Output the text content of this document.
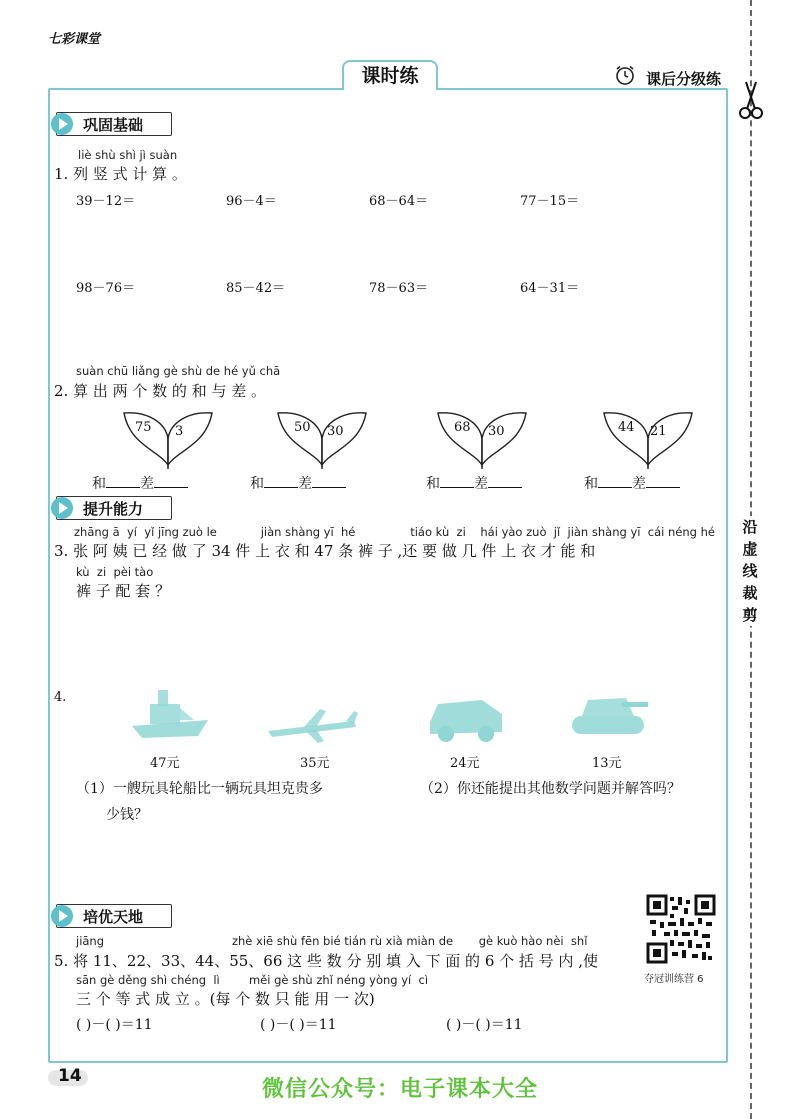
七彩课堂
课时练	课后分级练
沿
虚
线
裁
剪
巩固基础
liè shù shì jì suàn
1. 列 竖 式 计 算 。
39－12＝	96－4＝	68－64＝	77－15＝
98－76＝	85－42＝	78－63＝	64－31＝
suàn chū liǎng gè shù de hé yǔ chā
2. 算 出 两 个 数 的 和 与 差 。
75 3	50 30	68 30	44 21
和 差	和 差	和 差	和 差
提升能力
zhāng ā  yí  yǐ jīng zuò le            jiàn shàng yī  hé               tiáo kù  zi    hái yào zuò  jǐ  jiàn shàng yī  cái néng hé
3. 张 阿 姨 已 经 做 了 34 件 上 衣 和 47 条 裤 子 ,还 要 做 几 件 上 衣 才 能 和
kù  zi  pèi tào
裤 子 配 套 ？
4.
47元	35元	24元	13元
（1）一艘玩具轮船比一辆玩具坦克贵多
少钱？
（2）你还能提出其他数学问题并解答吗？
培优天地
夺冠训练营 6
jiāng                                   zhè xiē shù fēn bié tián rù xià miàn de       gè kuò hào nèi  shǐ
5. 将 11、22、33、44、55、66 这 些 数 分 别 填 入 下 面 的 6 个 括 号 内 ,使
sān gè děng shì chéng  lì        měi gè shù zhǐ néng yòng yí  cì
三 个 等 式 成 立 。(每 个 数 只 能 用 一 次)
( )－( )＝11	( )－( )＝11	( )－( )＝11
14
微信公众号：电子课本大全
